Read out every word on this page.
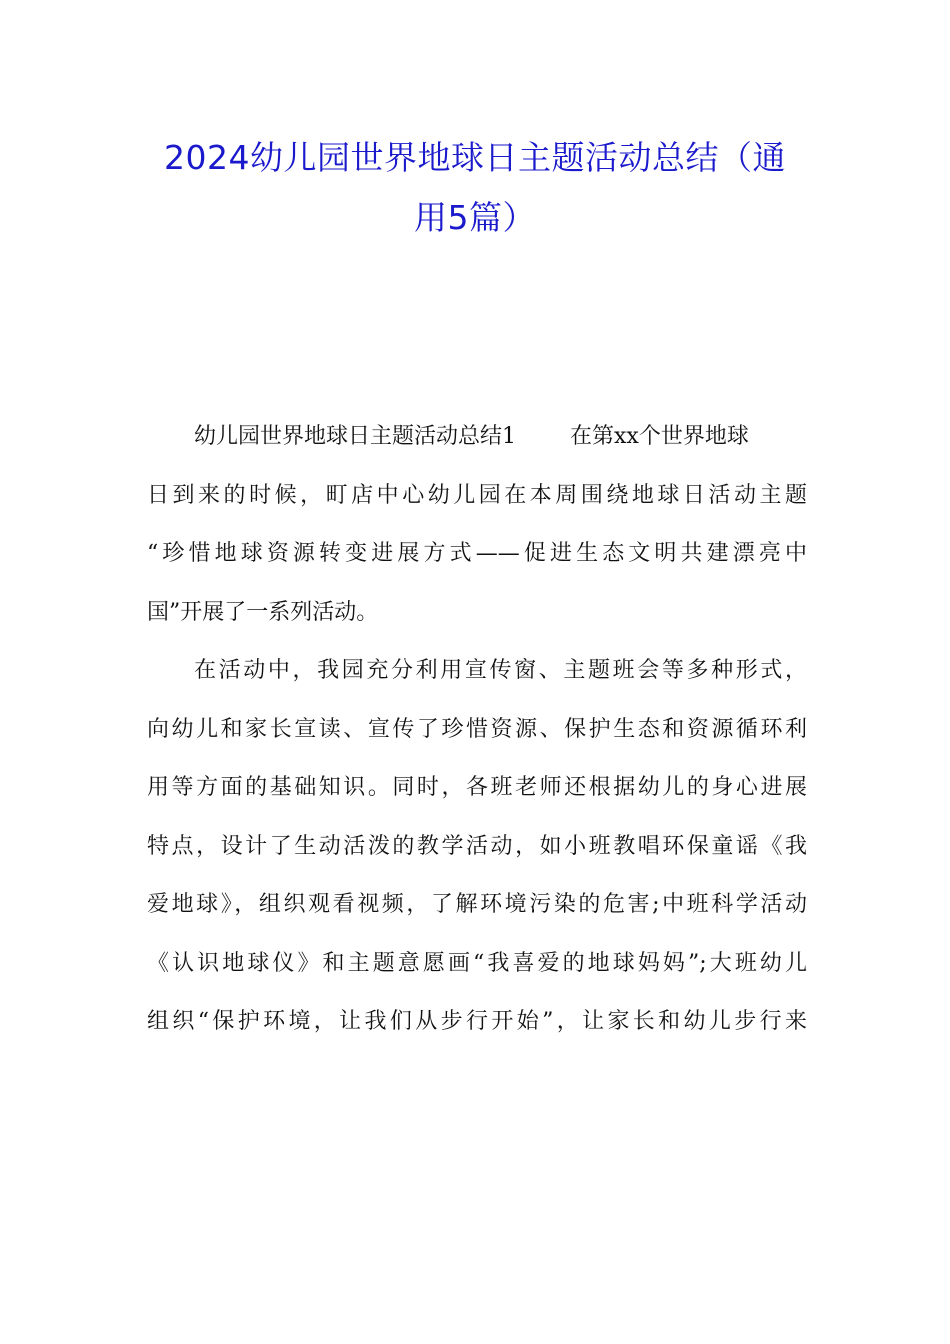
2024幼儿园世界地球日主题活动总结（通
用5篇）
幼儿园世界地球日主题活动总结1 在第xx个世界地球
日到来的时候，町店中心幼儿园在本周围绕地球日活动主题
“珍惜地球资源转变进展方式——促进生态文明共建漂亮中
国”开展了一系列活动。
在活动中，我园充分利用宣传窗、主题班会等多种形式，
向幼儿和家长宣读、宣传了珍惜资源、保护生态和资源循环利
用等方面的基础知识。同时，各班老师还根据幼儿的身心进展
特点，设计了生动活泼的教学活动，如小班教唱环保童谣《我
爱地球》，组织观看视频，了解环境污染的危害;中班科学活动
《认识地球仪》和主题意愿画“我喜爱的地球妈妈”;大班幼儿
组织“保护环境，让我们从步行开始”，让家长和幼儿步行来
